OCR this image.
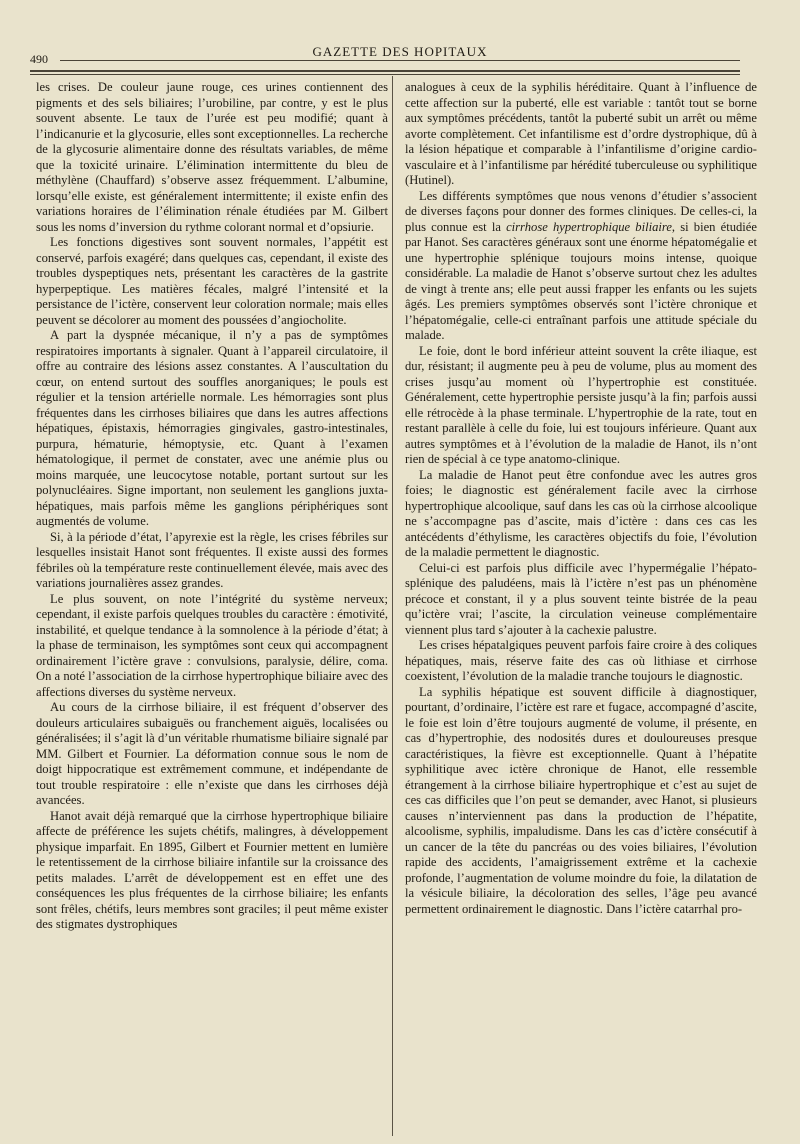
490	GAZETTE DES HOPITAUX

les crises. De couleur jaune rouge, ces urines contiennent des pigments et des sels biliaires; l’urobiline, par contre, y est le plus souvent absente. Le taux de l’urée est peu modifié; quant à l’indicanurie et la glycosurie, elles sont exceptionnelles. La recherche de la glycosurie alimentaire donne des résultats variables, de même que la toxicité urinaire. L’élimination intermittente du bleu de méthylène (Chauffard) s’observe assez fréquemment. L’albumine, lorsqu’elle existe, est généralement intermittente; il existe enfin des variations horaires de l’élimination rénale étudiées par M. Gilbert sous les noms d’inversion du rythme colorant normal et d’opsiurie.

Les fonctions digestives sont souvent normales, l’appétit est conservé, parfois exagéré; dans quelques cas, cependant, il existe des troubles dyspeptiques nets, présentant les caractères de la gastrite hyperpeptique. Les matières fécales, malgré l’intensité et la persistance de l’ictère, conservent leur coloration normale; mais elles peuvent se décolorer au moment des poussées d’angiocholite.

A part la dyspnée mécanique, il n’y a pas de symptômes respiratoires importants à signaler. Quant à l’appareil circulatoire, il offre au contraire des lésions assez constantes. A l’auscultation du cœur, on entend surtout des souffles anorganiques; le pouls est régulier et la tension artérielle normale. Les hémorragies sont plus fréquentes dans les cirrhoses biliaires que dans les autres affections hépatiques, épistaxis, hémorragies gingivales, gastro-intestinales, purpura, hématurie, hémoptysie, etc. Quant à l’examen hématologique, il permet de constater, avec une anémie plus ou moins marquée, une leucocytose notable, portant surtout sur les polynucléaires. Signe important, non seulement les ganglions juxta-hépatiques, mais parfois même les ganglions périphériques sont augmentés de volume.

Si, à la période d’état, l’apyrexie est la règle, les crises fébriles sur lesquelles insistait Hanot sont fréquentes. Il existe aussi des formes fébriles où la température reste continuellement élevée, mais avec des variations journalières assez grandes.

Le plus souvent, on note l’intégrité du système nerveux; cependant, il existe parfois quelques troubles du caractère : émotivité, instabilité, et quelque tendance à la somnolence à la période d’état; à la phase de terminaison, les symptômes sont ceux qui accompagnent ordinairement l’ictère grave : convulsions, paralysie, délire, coma. On a noté l’association de la cirrhose hypertrophique biliaire avec des affections diverses du système nerveux.

Au cours de la cirrhose biliaire, il est fréquent d’observer des douleurs articulaires subaiguës ou franchement aiguës, localisées ou généralisées; il s’agit là d’un véritable rhumatisme biliaire signalé par MM. Gilbert et Fournier. La déformation connue sous le nom de doigt hippocratique est extrêmement commune, et indépendante de tout trouble respiratoire : elle n’existe que dans les cirrhoses déjà avancées.

Hanot avait déjà remarqué que la cirrhose hypertrophique biliaire affecte de préférence les sujets chétifs, malingres, à développement physique imparfait. En 1895, Gilbert et Fournier mettent en lumière le retentissement de la cirrhose biliaire infantile sur la croissance des petits malades. L’arrêt de développement est en effet une des conséquences les plus fréquentes de la cirrhose biliaire; les enfants sont frêles, chétifs, leurs membres sont graciles; il peut même exister des stigmates dystrophiques

analogues à ceux de la syphilis héréditaire. Quant à l’influence de cette affection sur la puberté, elle est variable : tantôt tout se borne aux symptômes précédents, tantôt la puberté subit un arrêt ou même avorte complètement. Cet infantilisme est d’ordre dystrophique, dû à la lésion hépatique et comparable à l’infantilisme d’origine cardio-vasculaire et à l’infantilisme par hérédité tuberculeuse ou syphilitique (Hutinel).

Les différents symptômes que nous venons d’étudier s’associent de diverses façons pour donner des formes cliniques. De celles-ci, la plus connue est la cirrhose hypertrophique biliaire, si bien étudiée par Hanot. Ses caractères généraux sont une énorme hépatomégalie et une hypertrophie splénique toujours moins intense, quoique considérable. La maladie de Hanot s’observe surtout chez les adultes de vingt à trente ans; elle peut aussi frapper les enfants ou les sujets âgés. Les premiers symptômes observés sont l’ictère chronique et l’hépatomégalie, celle-ci entraînant parfois une attitude spéciale du malade.

Le foie, dont le bord inférieur atteint souvent la crête iliaque, est dur, résistant; il augmente peu à peu de volume, plus au moment des crises jusqu’au moment où l’hypertrophie est constituée. Généralement, cette hypertrophie persiste jusqu’à la fin; parfois aussi elle rétrocède à la phase terminale. L’hypertrophie de la rate, tout en restant parallèle à celle du foie, lui est toujours inférieure. Quant aux autres symptômes et à l’évolution de la maladie de Hanot, ils n’ont rien de spécial à ce type anatomo-clinique.

La maladie de Hanot peut être confondue avec les autres gros foies; le diagnostic est généralement facile avec la cirrhose hypertrophique alcoolique, sauf dans les cas où la cirrhose alcoolique ne s’accompagne pas d’ascite, mais d’ictère : dans ces cas les antécédents d’éthylisme, les caractères objectifs du foie, l’évolution de la maladie permettent le diagnostic.

Celui-ci est parfois plus difficile avec l’hypermégalie l’hépato-splénique des paludéens, mais là l’ictère n’est pas un phénomène précoce et constant, il y a plus souvent teinte bistrée de la peau qu’ictère vrai; l’ascite, la circulation veineuse complémentaire viennent plus tard s’ajouter à la cachexie palustre.

Les crises hépatalgiques peuvent parfois faire croire à des coliques hépatiques, mais, réserve faite des cas où lithiase et cirrhose coexistent, l’évolution de la maladie tranche toujours le diagnostic.

La syphilis hépatique est souvent difficile à diagnostiquer, pourtant, d’ordinaire, l’ictère est rare et fugace, accompagné d’ascite, le foie est loin d’être toujours augmenté de volume, il présente, en cas d’hypertrophie, des nodosités dures et douloureuses presque caractéristiques, la fièvre est exceptionnelle. Quant à l’hépatite syphilitique avec ictère chronique de Hanot, elle ressemble étrangement à la cirrhose biliaire hypertrophique et c’est au sujet de ces cas difficiles que l’on peut se demander, avec Hanot, si plusieurs causes n’interviennent pas dans la production de l’hépatite, alcoolisme, syphilis, impaludisme. Dans les cas d’ictère consécutif à un cancer de la tête du pancréas ou des voies biliaires, l’évolution rapide des accidents, l’amaigrissement extrême et la cachexie profonde, l’augmentation de volume moindre du foie, la dilatation de la vésicule biliaire, la décoloration des selles, l’âge peu avancé permettent ordinairement le diagnostic. Dans l’ictère catarrhal pro-
